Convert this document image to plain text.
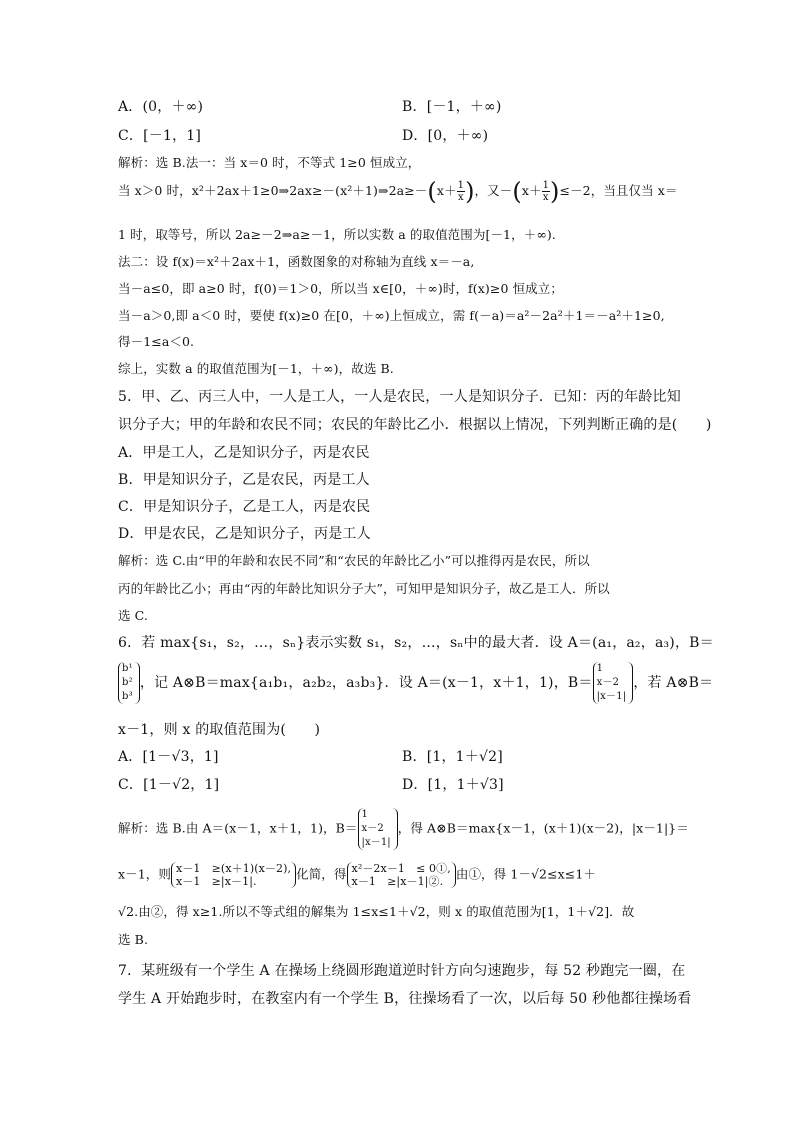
A．(0，＋∞)	B．[－1，＋∞)
C．[－1，1]	D．[0，＋∞)
解析：选 B.法一：当 x＝0 时，不等式 1≥0 恒成立，
当 x＞0 时，x²＋2ax＋1≥0⇒2ax≥－(x²＋1)⇒2a≥－(x＋ $\frac{1}{x}$ )，又$-(x+ \frac{1}{x} )\le-2$，当且仅当 x＝
1 时，取等号，所以 2a≥－2⇒a≥－1，所以实数 a 的取值范围为[－1，＋∞).
法二：设 f(x)＝x²＋2ax＋1，函数图象的对称轴为直线 x＝－a,
当－a≤0，即 a≥0 时，f(0)＝1＞0，所以当 x∈[0，＋∞)时，f(x)≥0 恒成立；
当－a＞0,即 a＜0 时，要使 f(x)≥0 在[0，＋∞)上恒成立，需 f(－a)＝a²－2a²＋1＝－a²＋1≥0,
得－1≤a＜0.
综上，实数 a 的取值范围为[－1，＋∞)，故选 B.
5．甲、乙、丙三人中，一人是工人，一人是农民，一人是知识分子．已知：丙的年龄比知
识分子大；甲的年龄和农民不同；农民的年龄比乙小．根据以上情况，下列判断正确的是(　　)
A．甲是工人，乙是知识分子，丙是农民
B．甲是知识分子，乙是农民，丙是工人
C．甲是知识分子，乙是工人，丙是农民
D．甲是农民，乙是知识分子，丙是工人
解析：选 C.由“甲的年龄和农民不同”和“农民的年龄比乙小”可以推得丙是农民，所以
丙的年龄比乙小；再由“丙的年龄比知识分子大”，可知甲是知识分子，故乙是工人．所以
选 C.
6．若 max{s₁，s₂，…，sₙ}表示实数 s₁，s₂，…，sₙ中的最大者．设 A＝(a₁，a₂，a₃)，B＝
b¹
b²
b³
，记 A⊗B＝max{a₁b₁，a₂b₂，a₃b₃}．设 A＝(x－1，x＋1，1)，B＝
1
x－2
|x－1|
，若 A⊗B＝
x－1，则 x 的取值范围为(　　)
A．[1－√3，1]	B．[1，1＋√2]
C．[1－√2，1]	D．[1，1＋√3]
解析：选 B.由 A＝(x－1，x＋1，1)，B＝
1
x－2
|x－1|
，得 A⊗B＝max{x－1，(x＋1)(x－2)，|x－1|}＝
x－1，则 x－1　≥(x＋1)(x－2),
x－1　≥|x－1|.	化简，得 x²－2x－1　≤ 0①,
x－1　≥|x－1|②.	由①，得 1－√2≤x≤1＋
√2.由②，得 x≥1.所以不等式组的解集为 1≤x≤1＋√2，则 x 的取值范围为[1，1＋√2]．故
选 B.
7．某班级有一个学生 A 在操场上绕圆形跑道逆时针方向匀速跑步，每 52 秒跑完一圈，在
学生 A 开始跑步时，在教室内有一个学生 B，往操场看了一次，以后每 50 秒他都往操场看
